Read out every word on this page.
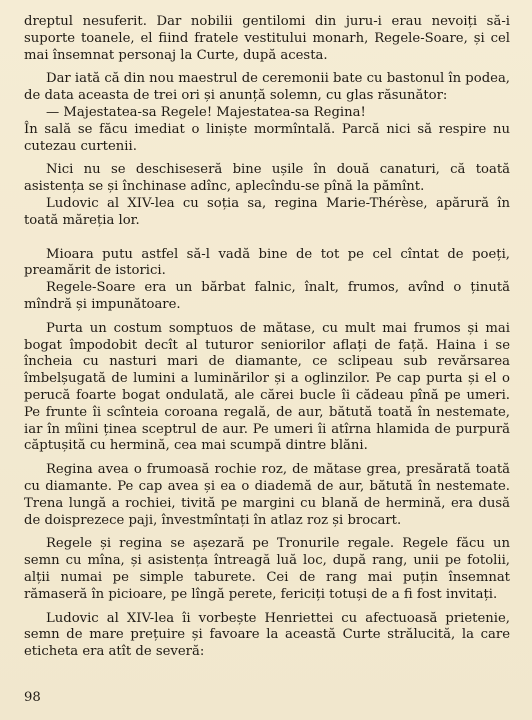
dreptul nesuferit. Dar nobilii gentilomi din juru-i erau nevoiți să-i suporte toanele, el fiind fratele vestitului monarh, Regele-Soare, și cel mai însemnat personaj la Curte, după acesta.

Dar iată că din nou maestrul de ceremonii bate cu bastonul în podea, de data aceasta de trei ori și anunță solemn, cu glas răsunător:

— Majestatea-sa Regele! Majestatea-sa Regina!

În sală se făcu imediat o liniște mormîntală. Parcă nici să respire nu cutezau curtenii.

Nici nu se deschiseseră bine ușile în două canaturi, că toată asistența se și închinase adînc, aplecîndu-se pînă la pămînt.

Ludovic al XIV-lea cu soția sa, regina Marie-Thérèse, apărură în toată măreția lor.

Mioara putu astfel să-l vadă bine de tot pe cel cîntat de poeți, preamărit de istorici.

Regele-Soare era un bărbat falnic, înalt, frumos, avînd o ținută mîndră și impunătoare.

Purta un costum somptuos de mătase, cu mult mai frumos și mai bogat împodobit decît al tuturor seniorilor aflați de față. Haina i se încheia cu nasturi mari de diamante, ce sclipeau sub revărsarea îmbelșugată de lumini a luminărilor și a oglinzilor. Pe cap purta și el o perucă foarte bogat ondulată, ale cărei bucle îi cădeau pînă pe umeri. Pe frunte îi scînteia coroana regală, de aur, bătută toată în nestemate, iar în mîini ținea sceptrul de aur. Pe umeri îi atîrna hlamida de purpură căptușită cu hermină, cea mai scumpă dintre blăni.

Regina avea o frumoasă rochie roz, de mătase grea, presărată toată cu diamante. Pe cap avea și ea o diademă de aur, bătută în nestemate. Trena lungă a rochiei, tivită pe margini cu blană de hermină, era dusă de doisprezece paji, învestmîntați în atlaz roz și brocart.

Regele și regina se așezară pe Tronurile regale. Regele făcu un semn cu mîna, și asistența întreagă luă loc, după rang, unii pe fotolii, alții numai pe simple taburete. Cei de rang mai puțin însemnat rămaseră în picioare, pe lîngă perete, fericiți totuși de a fi fost invitați.

Ludovic al XIV-lea îi vorbește Henriettei cu afectuoasă prietenie, semn de mare prețuire și favoare la această Curte strălucită, la care eticheta era atît de severă:

98
